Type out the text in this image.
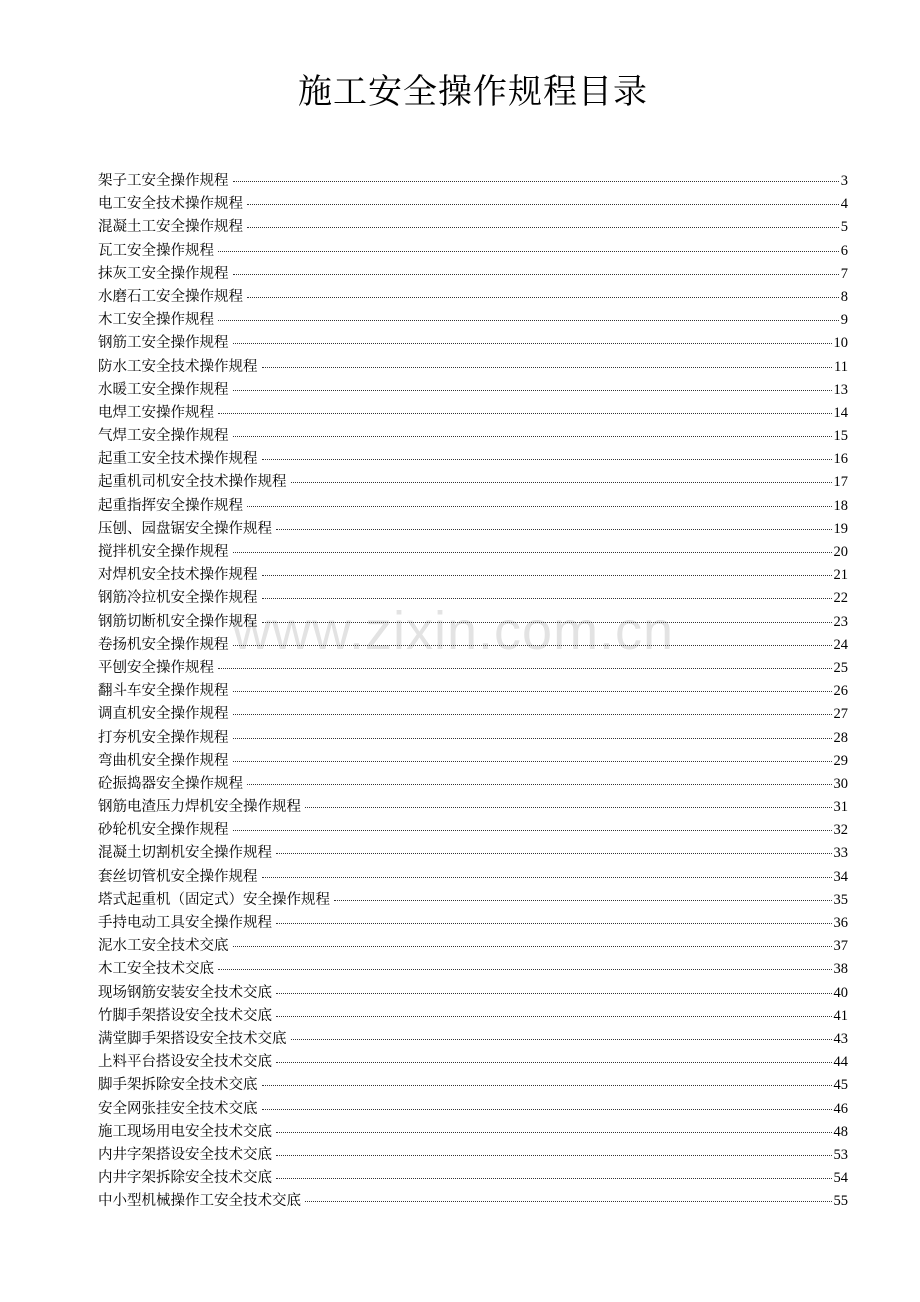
施工安全操作规程目录
www.zixin.com.cn
架子工安全操作规程	3
电工安全技术操作规程	4
混凝土工安全操作规程	5
瓦工安全操作规程	6
抹灰工安全操作规程	7
水磨石工安全操作规程	8
木工安全操作规程	9
钢筋工安全操作规程	10
防水工安全技术操作规程	11
水暖工安全操作规程	13
电焊工安操作规程	14
气焊工安全操作规程	15
起重工安全技术操作规程	16
起重机司机安全技术操作规程	17
起重指挥安全操作规程	18
压刨、园盘锯安全操作规程	19
搅拌机安全操作规程	20
对焊机安全技术操作规程	21
钢筋冷拉机安全操作规程	22
钢筋切断机安全操作规程	23
卷扬机安全操作规程	24
平刨安全操作规程	25
翻斗车安全操作规程	26
调直机安全操作规程	27
打夯机安全操作规程	28
弯曲机安全操作规程	29
砼振捣器安全操作规程	30
钢筋电渣压力焊机安全操作规程	31
砂轮机安全操作规程	32
混凝土切割机安全操作规程	33
套丝切管机安全操作规程	34
塔式起重机（固定式）安全操作规程	35
手持电动工具安全操作规程	36
泥水工安全技术交底	37
木工安全技术交底	38
现场钢筋安装安全技术交底	40
竹脚手架搭设安全技术交底	41
满堂脚手架搭设安全技术交底	43
上料平台搭设安全技术交底	44
脚手架拆除安全技术交底	45
安全网张挂安全技术交底	46
施工现场用电安全技术交底	48
内井字架搭设安全技术交底	53
内井字架拆除安全技术交底	54
中小型机械操作工安全技术交底	55
